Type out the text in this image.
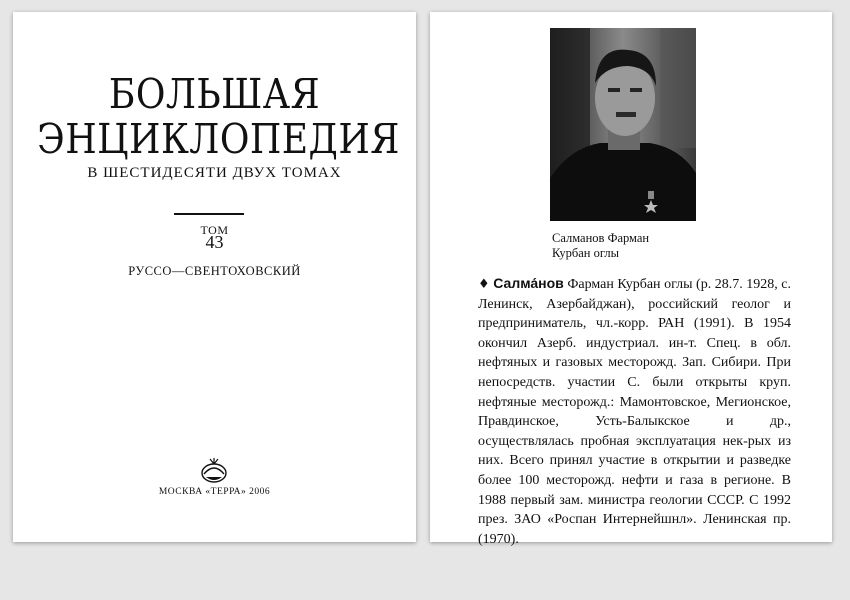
БОЛЬШАЯ
ЭНЦИКЛОПЕДИЯ
В ШЕСТИДЕСЯТИ ДВУХ ТОМАХ
ТОМ
43
РУССО—СВЕНТОХОВСКИЙ
МОСКВА «ТЕРРА» 2006
Салманов Фарман
Курбан оглы

♦ Салма́нов Фарман Курбан оглы (р. 28.7. 1928, с. Ленинск, Азербайджан), российский геолог и предприниматель, чл.-корр. РАН (1991). В 1954 окончил Азерб. индустриал. ин-т. Спец. в обл. нефтяных и газовых месторожд. Зап. Сибири. При непосредств. участии С. были открыты круп. нефтяные месторожд.: Мамонтовское, Мегионское, Правдинское, Усть-Балыкское и др., осуществлялась пробная эксплуатация нек-рых из них. Всего принял участие в открытии и разведке более 100 месторожд. нефти и газа в регионе. В 1988 первый зам. министра геологии СССР. С 1992 през. ЗАО «Роспан Интернейшнл». Ленинская пр. (1970).
